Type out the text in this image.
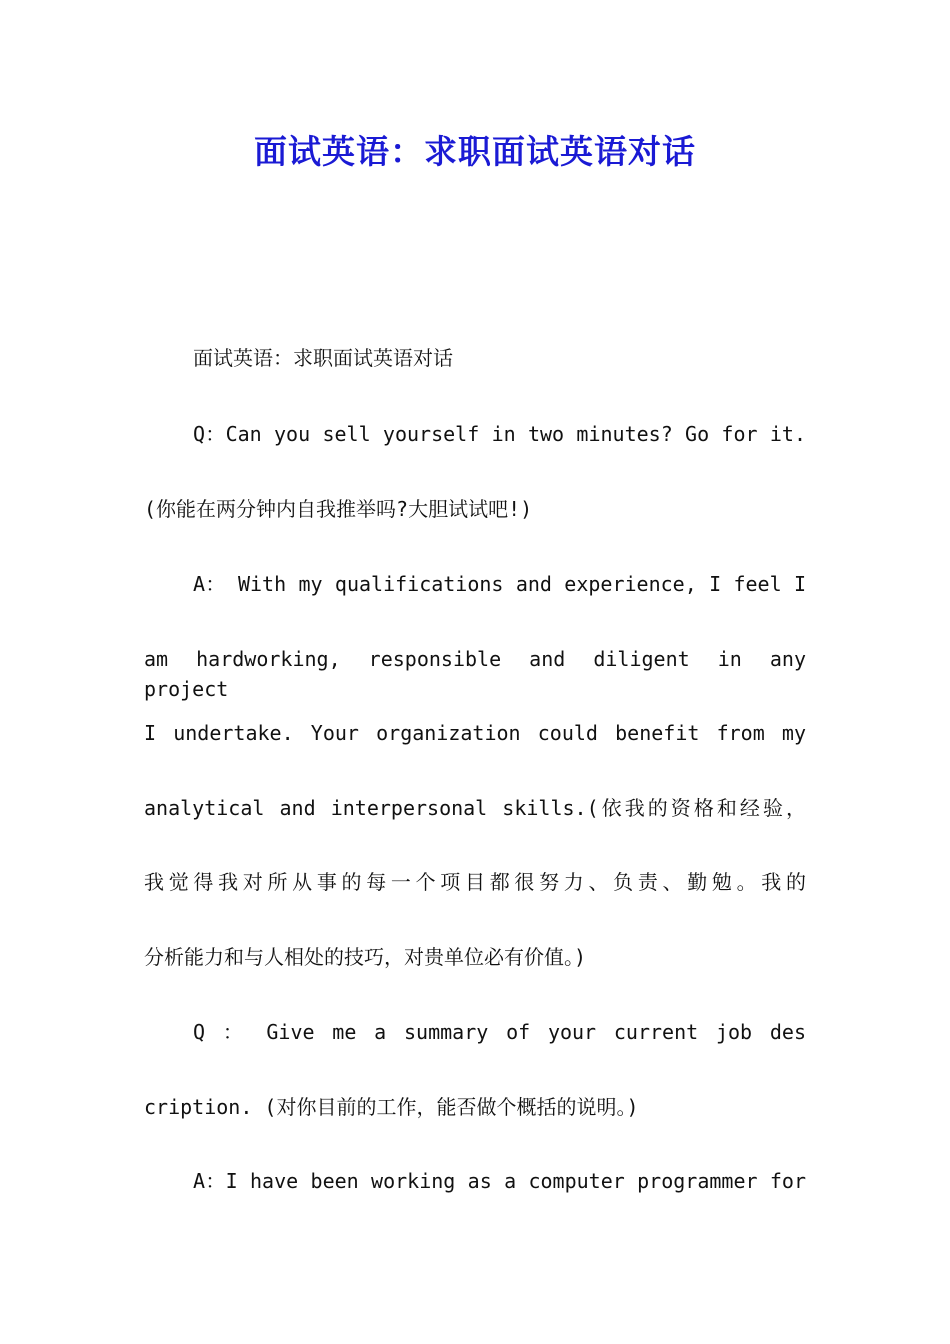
面试英语：求职面试英语对话
面试英语：求职面试英语对话
Q：Can you sell yourself in two minutes? Go for it.
(你能在两分钟内自我推举吗?大胆试试吧!)
A： With my qualifications and experience, I feel I
am hardworking, responsible and diligent in any project
I undertake. Your organization could benefit from my
analytical and interpersonal skills.(依我的资格和经验，
我觉得我对所从事的每一个项目都很努力、负责、勤勉。我的
分析能力和与人相处的技巧，对贵单位必有价值。)
Q ： Give me a summary of your current job des
cription. (对你目前的工作，能否做个概括的说明。)
A：I have been working as a computer programmer for
